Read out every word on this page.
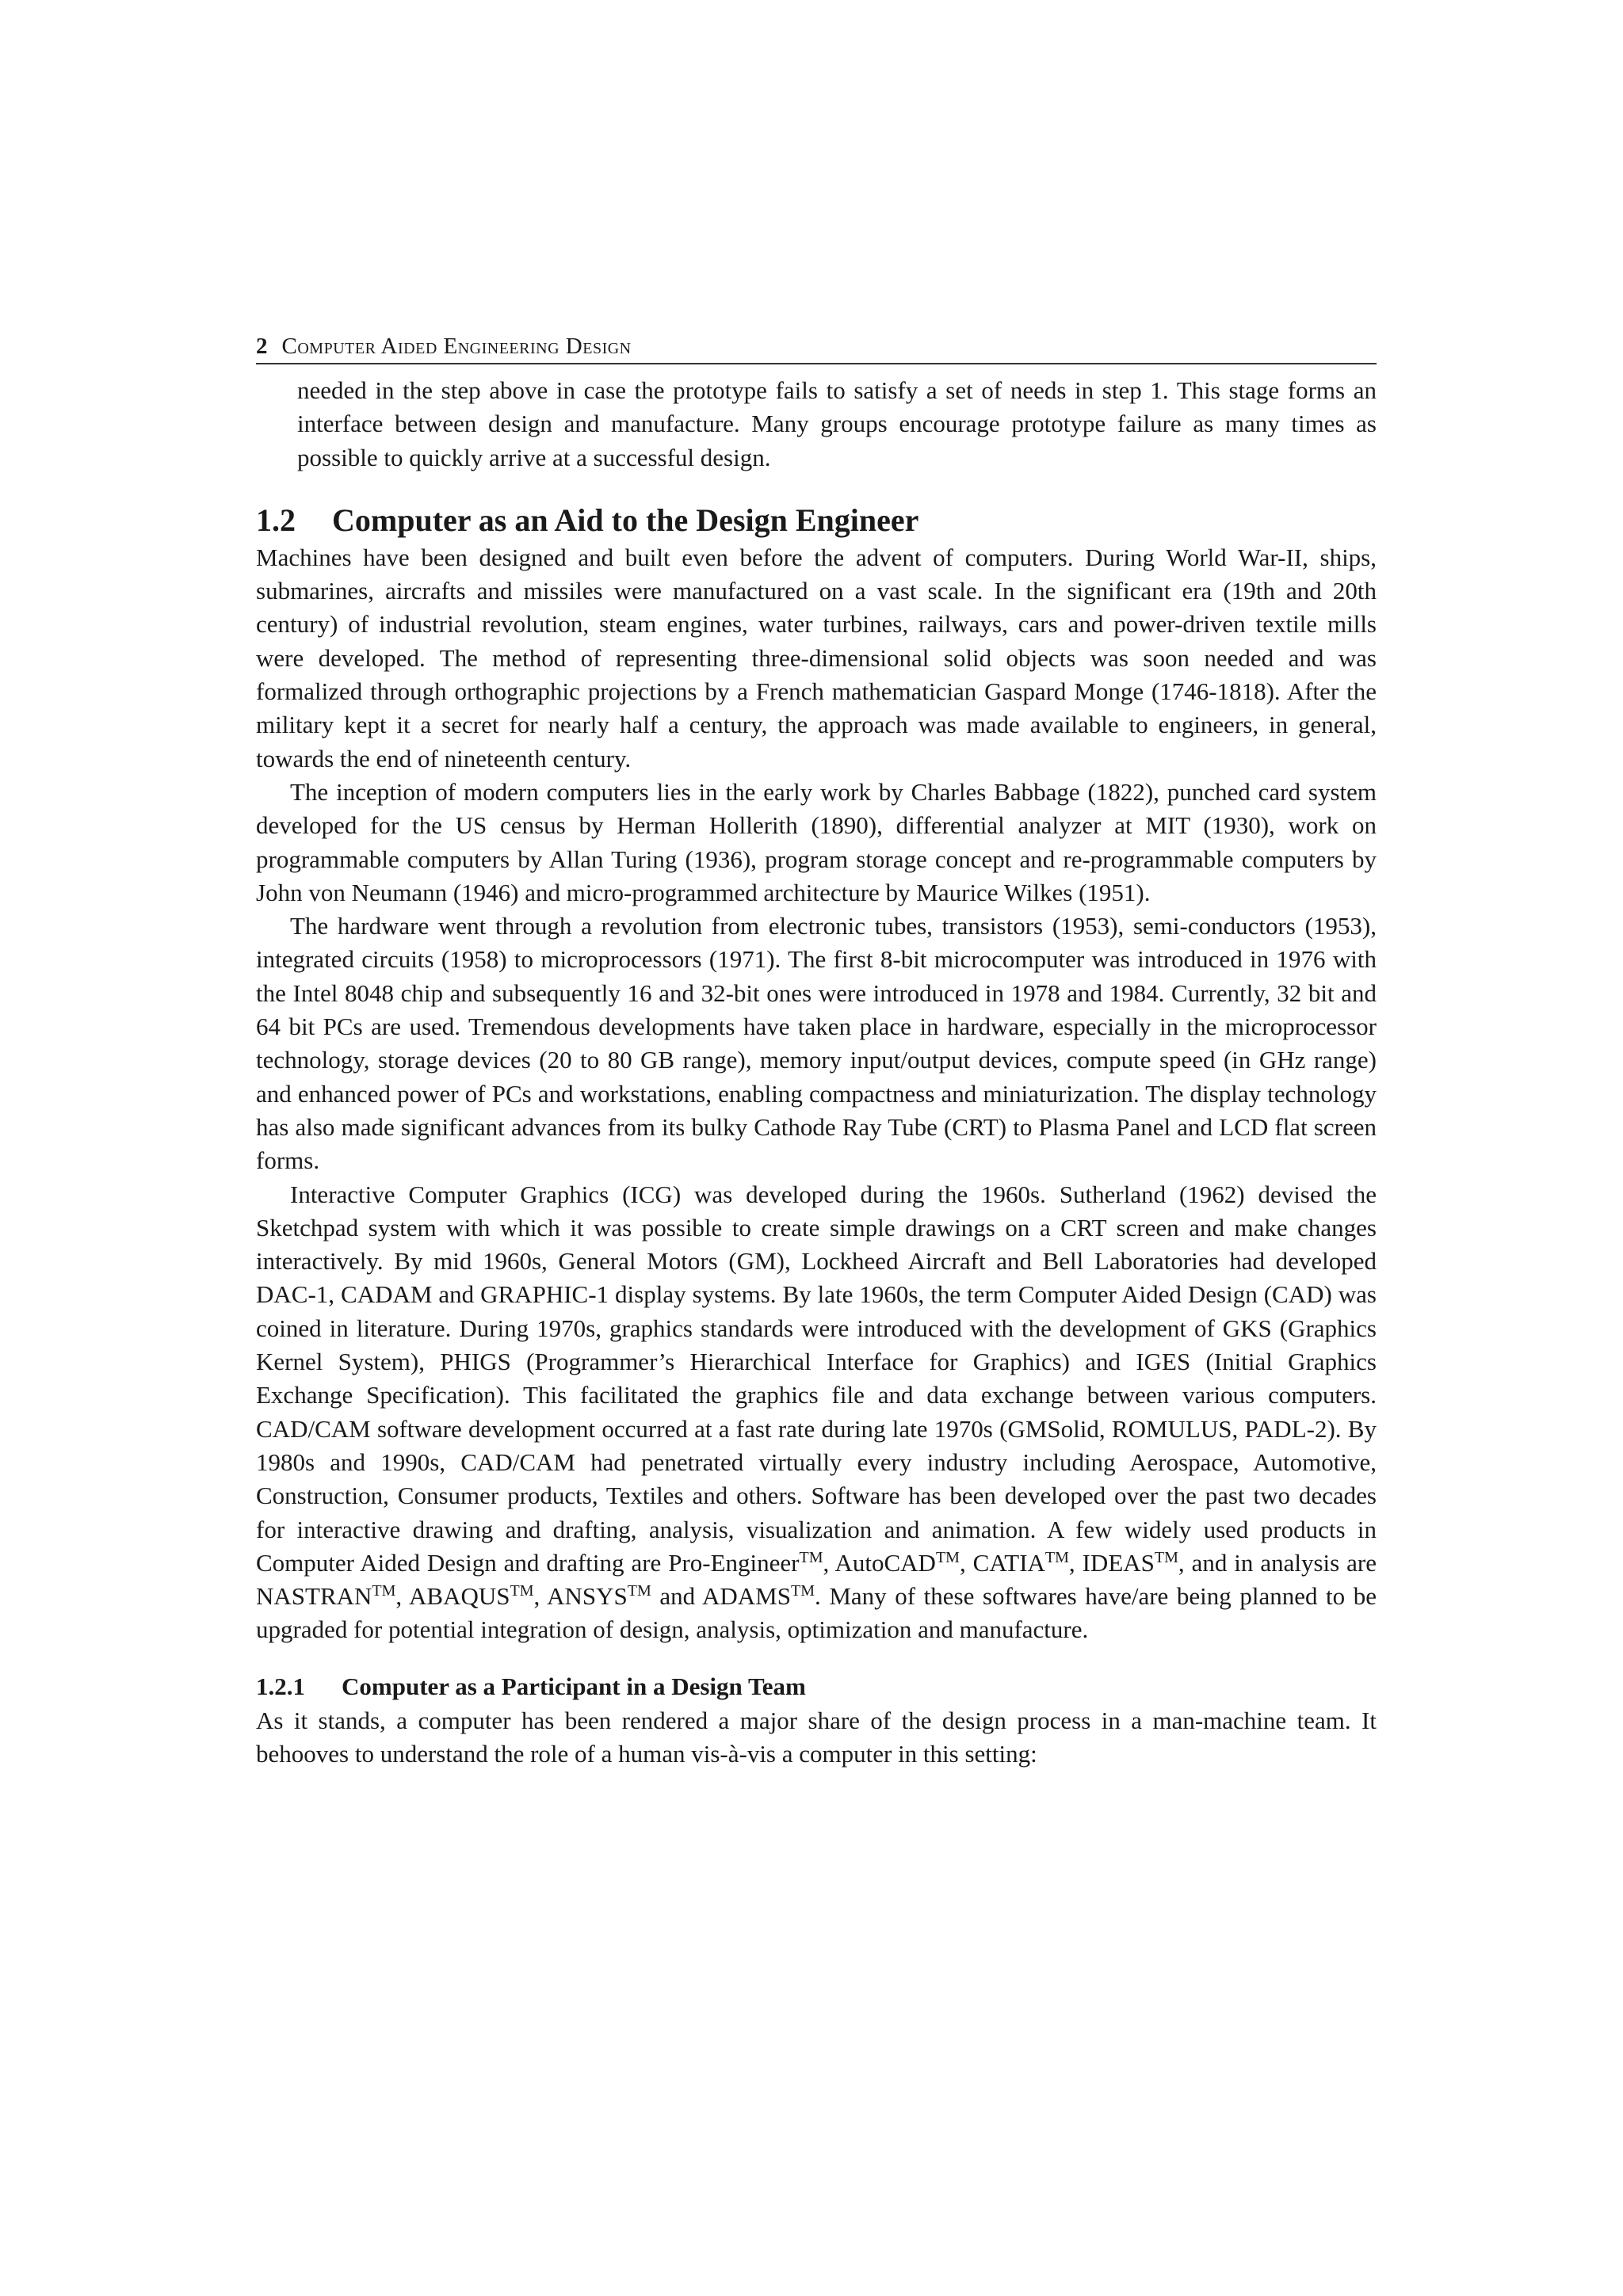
2 Computer Aided Engineering Design

needed in the step above in case the prototype fails to satisfy a set of needs in step 1. This stage forms an interface between design and manufacture. Many groups encourage prototype failure as many times as possible to quickly arrive at a successful design.

1.2 Computer as an Aid to the Design Engineer

Machines have been designed and built even before the advent of computers. During World War-II, ships, submarines, aircrafts and missiles were manufactured on a vast scale. In the significant era (19th and 20th century) of industrial revolution, steam engines, water turbines, railways, cars and power-driven textile mills were developed. The method of representing three-dimensional solid objects was soon needed and was formalized through orthographic projections by a French mathematician Gaspard Monge (1746-1818). After the military kept it a secret for nearly half a century, the approach was made available to engineers, in general, towards the end of nineteenth century.

The inception of modern computers lies in the early work by Charles Babbage (1822), punched card system developed for the US census by Herman Hollerith (1890), differential analyzer at MIT (1930), work on programmable computers by Allan Turing (1936), program storage concept and re-programmable computers by John von Neumann (1946) and micro-programmed architecture by Maurice Wilkes (1951).

The hardware went through a revolution from electronic tubes, transistors (1953), semi-conductors (1953), integrated circuits (1958) to microprocessors (1971). The first 8-bit microcomputer was introduced in 1976 with the Intel 8048 chip and subsequently 16 and 32-bit ones were introduced in 1978 and 1984. Currently, 32 bit and 64 bit PCs are used. Tremendous developments have taken place in hardware, especially in the microprocessor technology, storage devices (20 to 80 GB range), memory input/output devices, compute speed (in GHz range) and enhanced power of PCs and workstations, enabling compactness and miniaturization. The display technology has also made significant advances from its bulky Cathode Ray Tube (CRT) to Plasma Panel and LCD flat screen forms.

Interactive Computer Graphics (ICG) was developed during the 1960s. Sutherland (1962) devised the Sketchpad system with which it was possible to create simple drawings on a CRT screen and make changes interactively. By mid 1960s, General Motors (GM), Lockheed Aircraft and Bell Laboratories had developed DAC-1, CADAM and GRAPHIC-1 display systems. By late 1960s, the term Computer Aided Design (CAD) was coined in literature. During 1970s, graphics standards were introduced with the development of GKS (Graphics Kernel System), PHIGS (Programmer’s Hierarchical Interface for Graphics) and IGES (Initial Graphics Exchange Specification). This facilitated the graphics file and data exchange between various computers. CAD/CAM software development occurred at a fast rate during late 1970s (GMSolid, ROMULUS, PADL-2). By 1980s and 1990s, CAD/CAM had penetrated virtually every industry including Aerospace, Automotive, Construction, Consumer products, Textiles and others. Software has been developed over the past two decades for interactive drawing and drafting, analysis, visualization and animation. A few widely used products in Computer Aided Design and drafting are Pro-Engineer™, AutoCAD™, CATIA™, IDEAS™, and in analysis are NASTRAN™, ABAQUS™, ANSYS™ and ADAMS™. Many of these softwares have/are being planned to be upgraded for potential integration of design, analysis, optimization and manufacture.

1.2.1 Computer as a Participant in a Design Team

As it stands, a computer has been rendered a major share of the design process in a man-machine team. It behooves to understand the role of a human vis-à-vis a computer in this setting:
